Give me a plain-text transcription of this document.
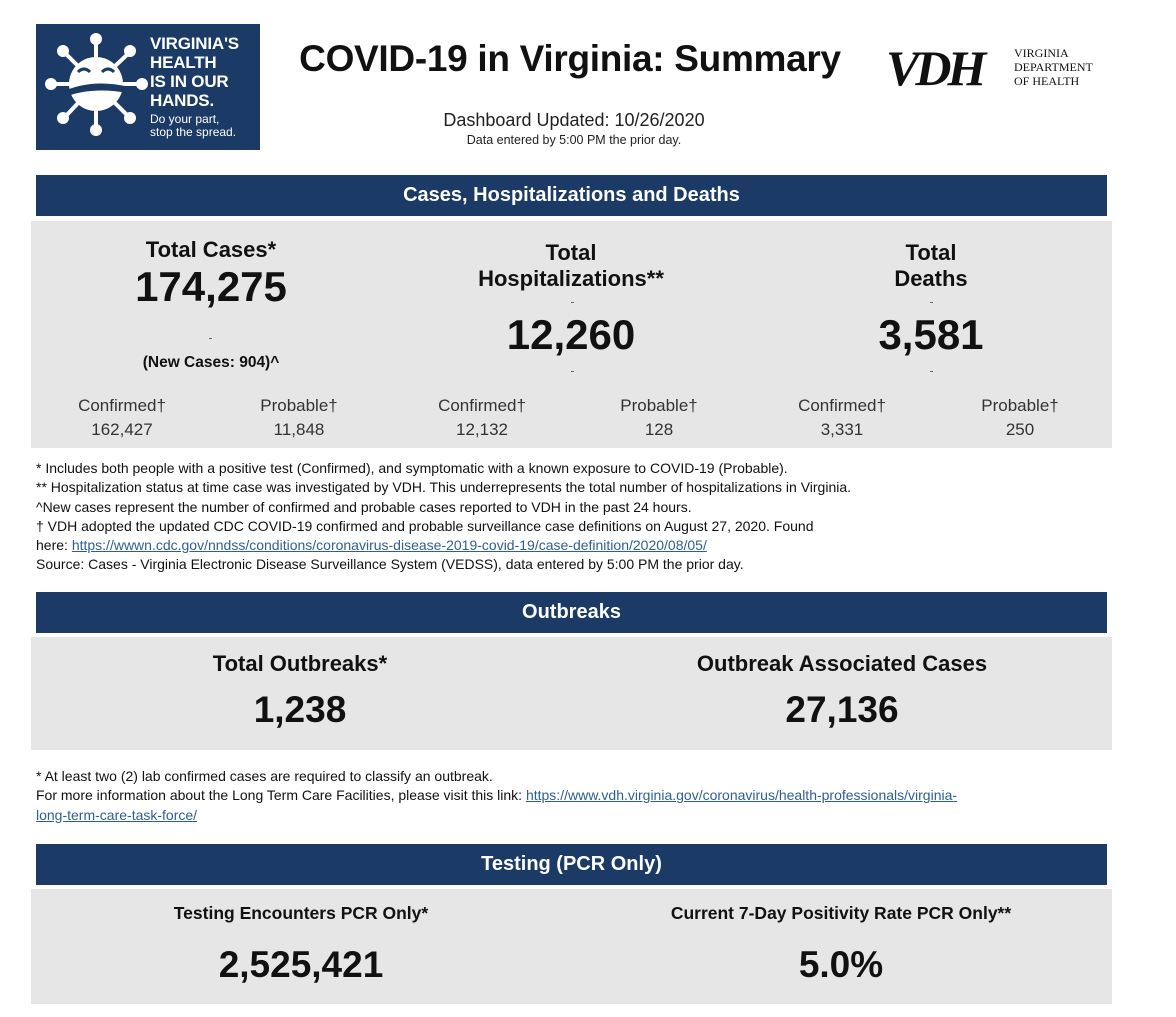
VIRGINIA'S
HEALTH
IS IN OUR
HANDS.
Do your part,
stop the spread.
COVID-19 in Virginia: Summary
Dashboard Updated: 10/26/2020
Data entered by 5:00 PM the prior day.
VDH	VIRGINIA
DEPARTMENT
OF HEALTH
Cases, Hospitalizations and Deaths
Total Cases*
174,275
(New Cases: 904)^
Total
Hospitalizations**
12,260
Total
Deaths
3,581
Confirmed†
162,427
Probable†
11,848
Confirmed†
12,132
Probable†
128
Confirmed†
3,331
Probable†
250
* Includes both people with a positive test (Confirmed), and symptomatic with a known exposure to COVID-19 (Probable).
** Hospitalization status at time case was investigated by VDH. This underrepresents the total number of hospitalizations in Virginia.
^New cases represent the number of confirmed and probable cases reported to VDH in the past 24 hours.
† VDH adopted the updated CDC COVID-19 confirmed and probable surveillance case definitions on August 27, 2020. Found
here: https://wwwn.cdc.gov/nndss/conditions/coronavirus-disease-2019-covid-19/case-definition/2020/08/05/
Source: Cases - Virginia Electronic Disease Surveillance System (VEDSS), data entered by 5:00 PM the prior day.
Outbreaks
Total Outbreaks*
1,238
Outbreak Associated Cases
27,136
* At least two (2) lab confirmed cases are required to classify an outbreak.
For more information about the Long Term Care Facilities, please visit this link: https://www.vdh.virginia.gov/coronavirus/health-professionals/virginia-
long-term-care-task-force/
Testing (PCR Only)
Testing Encounters PCR Only*
2,525,421
Current 7-Day Positivity Rate PCR Only**
5.0%
